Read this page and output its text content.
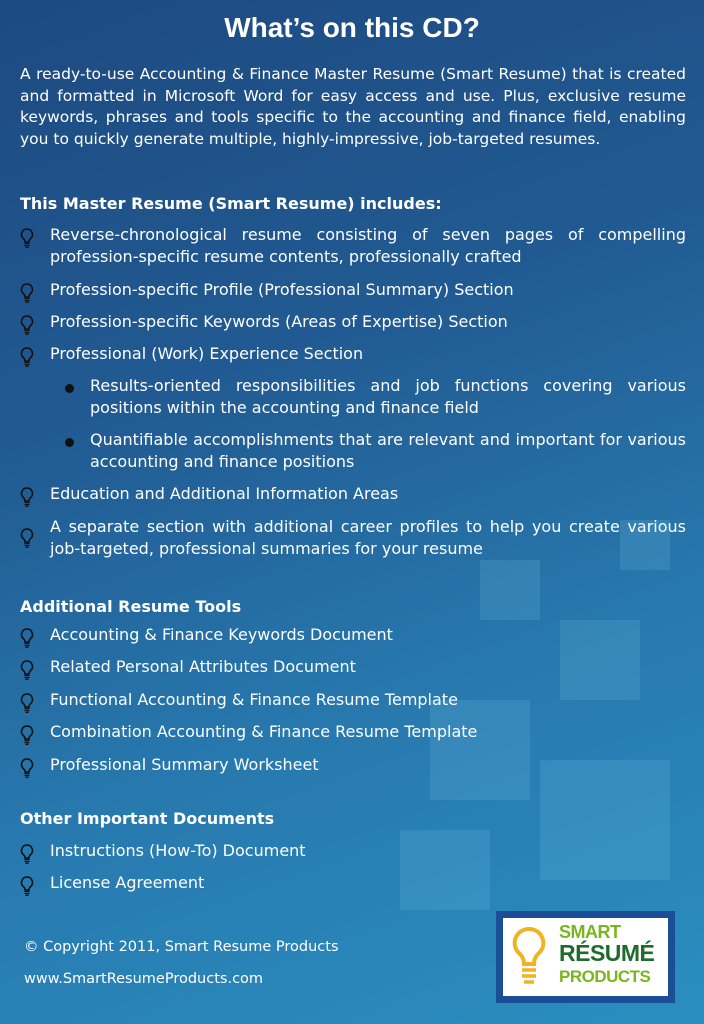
What’s on this CD?

A ready-to-use Accounting & Finance Master Resume (Smart Resume) that is created and formatted in Microsoft Word for easy access and use. Plus, exclusive resume keywords, phrases and tools specific to the accounting and finance field, enabling you to quickly generate multiple, highly-impressive, job-targeted resumes.

This Master Resume (Smart Resume) includes:
Reverse-chronological resume consisting of seven pages of compelling profession-specific resume contents, professionally crafted
Profession-specific Profile (Professional Summary) Section
Profession-specific Keywords (Areas of Expertise) Section
Professional (Work) Experience Section
Results-oriented responsibilities and job functions covering various positions within the accounting and finance field
Quantifiable accomplishments that are relevant and important for various accounting and finance positions
Education and Additional Information Areas
A separate section with additional career profiles to help you create various job-targeted, professional summaries for your resume
Accounting & Finance Keywords Document
Related Personal Attributes Document
Functional Accounting & Finance Resume Template
Combination Accounting & Finance Resume Template
Professional Summary Worksheet
Instructions (How-To) Document
License Agreement
Additional Resume Tools
Other Important Documents
© Copyright 2011, Smart Resume Products
www.SmartResumeProducts.com
SMART
RÉSUMÉ
PRODUCTS
